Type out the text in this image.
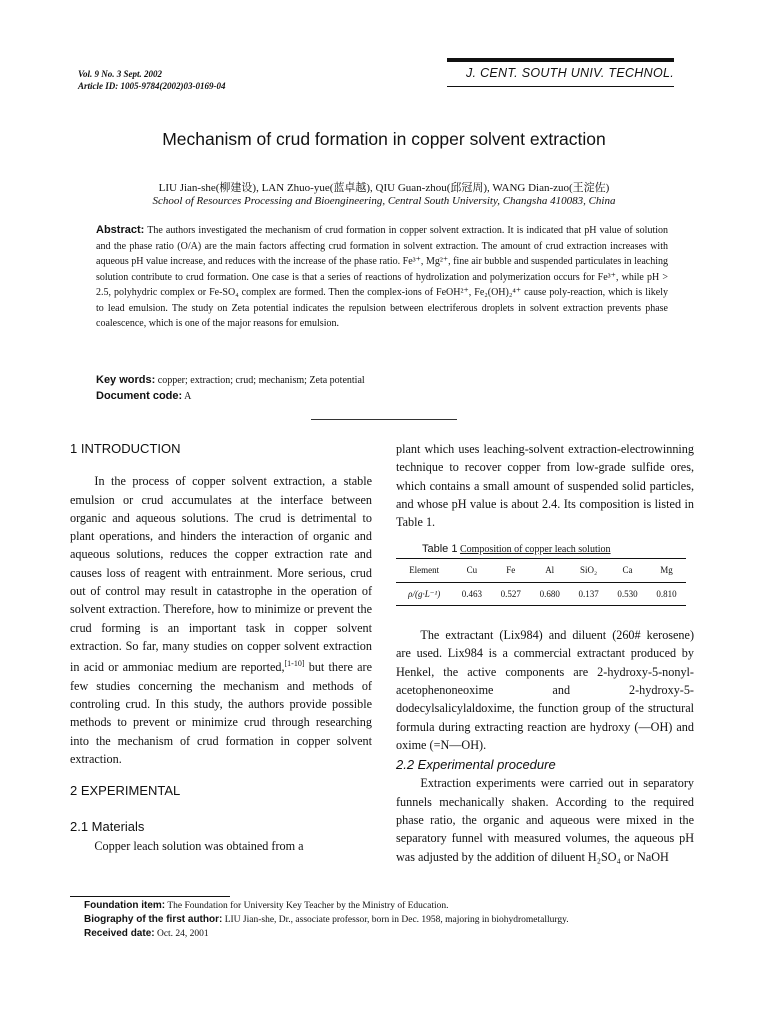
Vol. 9 No. 3 Sept. 2002
Article ID: 1005-9784(2002)03-0169-04
J. CENT. SOUTH UNIV. TECHNOL.
Mechanism of crud formation in copper solvent extraction
LIU Jian-she(柳建设), LAN Zhuo-yue(蓝卓越), QIU Guan-zhou(邱冠周), WANG Dian-zuo(王淀佐)
School of Resources Processing and Bioengineering, Central South University, Changsha 410083, China
Abstract: The authors investigated the mechanism of crud formation in copper solvent extraction. It is indicated that pH value of solution and the phase ratio (O/A) are the main factors affecting crud formation in solvent extraction. The amount of crud extraction increases with aqueous pH value increase, and reduces with the increase of the phase ratio. Fe³⁺, Mg²⁺, fine air bubble and suspended particulates in leaching solution contribute to crud formation. One case is that a series of reactions of hydrolization and polymerization occurs for Fe³⁺, while pH > 2.5, polyhydric complex or Fe-SO₄ complex are formed. Then the complex-ions of FeOH²⁺, Fe₂(OH)₂⁴⁺ cause poly-reaction, which is likely to lead emulsion. The study on Zeta potential indicates the repulsion between electriferous droplets in solvent extraction prevents phase coalescence, which is one of the major reasons for emulsion.
Key words: copper; extraction; crud; mechanism; Zeta potential
Document code: A
1 INTRODUCTION

In the process of copper solvent extraction, a stable emulsion or crud accumulates at the interface between organic and aqueous solutions. The crud is detrimental to plant operations, and hinders the interaction of organic and aqueous solutions, reduces the copper extraction rate and causes loss of reagent with entrainment. More serious, crud out of control may result in catastrophe in the operation of solvent extraction. Therefore, how to minimize or prevent the crud forming is an important task in copper solvent extraction. So far, many studies on copper solvent extraction in acid or ammoniac medium are reported,[1-10] but there are few studies concerning the mechanism and methods of controling crud. In this study, the authors provide possible methods to prevent or minimize crud through researching into the mechanism of crud formation in copper solvent extraction.

2 EXPERIMENTAL
2.1 Materials

Copper leach solution was obtained from a

plant which uses leaching-solvent extraction-electrowinning technique to recover copper from low-grade sulfide ores, which contains a small amount of suspended solid particles, and whose pH value is about 2.4. Its composition is listed in Table 1.

Table 1 Composition of copper leach solution
Element	Cu	Fe	Al	SiO₂	Ca	Mg
ρ/(g·L⁻¹)	0.463	0.527	0.680	0.137	0.530	0.810

The extractant (Lix984) and diluent (260# kerosene) are used. Lix984 is a commercial extractant produced by Henkel, the active components are 2-hydroxy-5-nonyl-acetophenoneoxime and 2-hydroxy-5-dodecylsalicylaldoxime, the function group of the structural formula during extracting reaction are hydroxy (—OH) and oxime (=N—OH).

2.2 Experimental procedure

Extraction experiments were carried out in separatory funnels mechanically shaken. According to the required phase ratio, the organic and aqueous were mixed in the separatory funnel with measured volumes, the aqueous pH was adjusted by the addition of diluent H₂SO₄ or NaOH

Foundation item: The Foundation for University Key Teacher by the Ministry of Education.
Biography of the first author: LIU Jian-she, Dr., associate professor, born in Dec. 1958, majoring in biohydrometallurgy.
Received date: Oct. 24, 2001
